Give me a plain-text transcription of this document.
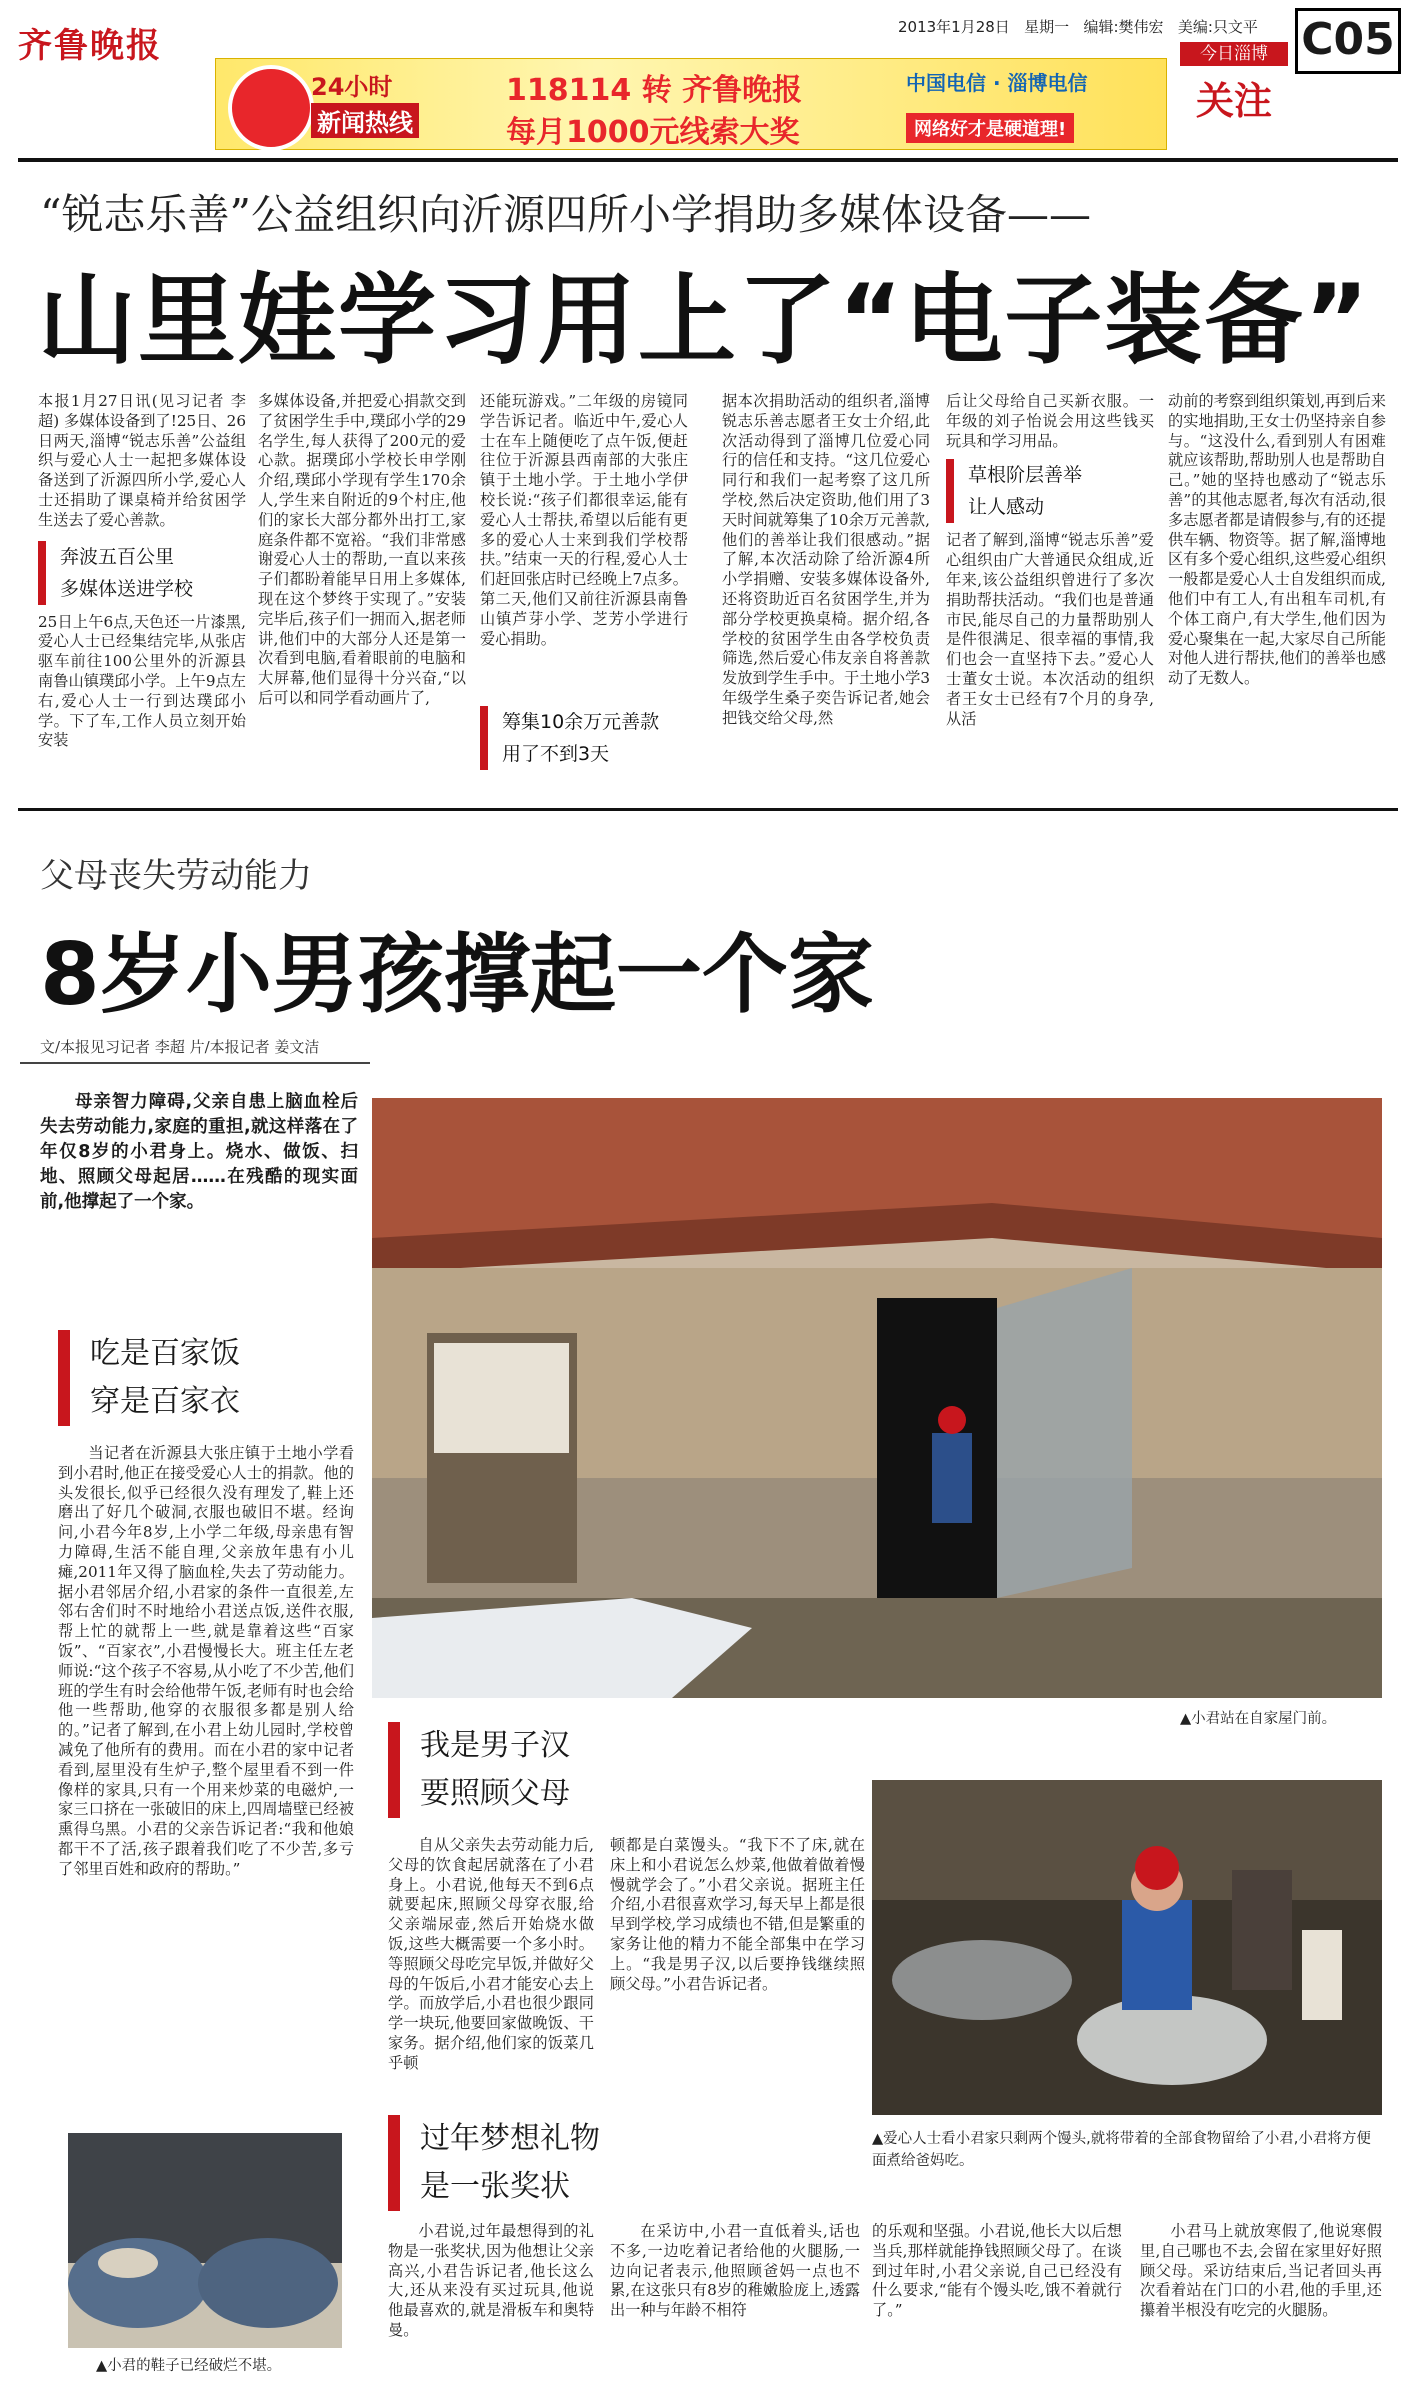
齐鲁晚报	2013年1月28日 星期一 编辑:樊伟宏 美编:只文平 C05
今日淄博
关注
24小时
新闻热线
118114 转 齐鲁晚报
每月1000元线索大奖
中国电信 · 淄博电信
网络好才是硬道理!
“锐志乐善”公益组织向沂源四所小学捐助多媒体设备——
山里娃学习用上了“电子装备”
本报1月27日讯(见习记者 李超) 多媒体设备到了!25日、26日两天,淄博“锐志乐善”公益组织与爱心人士一起把多媒体设备送到了沂源四所小学,爱心人士还捐助了课桌椅并给贫困学生送去了爱心善款。
奔波五百公里
多媒体送进学校
25日上午6点,天色还一片漆黑,爱心人士已经集结完毕,从张店驱车前往100公里外的沂源县南鲁山镇璞邱小学。上午9点左右,爱心人士一行到达璞邱小学。下了车,工作人员立刻开始安装
多媒体设备,并把爱心捐款交到了贫困学生手中,璞邱小学的29名学生,每人获得了200元的爱心款。据璞邱小学校长申学刚介绍,璞邱小学现有学生170余人,学生来自附近的9个村庄,他们的家长大部分都外出打工,家庭条件都不宽裕。“我们非常感谢爱心人士的帮助,一直以来孩子们都盼着能早日用上多媒体,现在这个梦终于实现了。”安装完毕后,孩子们一拥而入,据老师讲,他们中的大部分人还是第一次看到电脑,看着眼前的电脑和大屏幕,他们显得十分兴奋,“以后可以和同学看动画片了,
还能玩游戏。”二年级的房镜同学告诉记者。临近中午,爱心人士在车上随便吃了点午饭,便赶往位于沂源县西南部的大张庄镇于土地小学。于土地小学伊校长说:“孩子们都很幸运,能有爱心人士帮扶,希望以后能有更多的爱心人士来到我们学校帮扶。”结束一天的行程,爱心人士们赶回张店时已经晚上7点多。第二天,他们又前往沂源县南鲁山镇芦芽小学、芝芳小学进行爱心捐助。
筹集10余万元善款
用了不到3天
据本次捐助活动的组织者,淄博锐志乐善志愿者王女士介绍,此次活动得到了淄博几位爱心同行的信任和支持。“这几位爱心同行和我们一起考察了这几所学校,然后决定资助,他们用了3天时间就筹集了10余万元善款,他们的善举让我们很感动。”据了解,本次活动除了给沂源4所小学捐赠、安装多媒体设备外,还将资助近百名贫困学生,并为部分学校更换桌椅。据介绍,各学校的贫困学生由各学校负责筛选,然后爱心伟友亲自将善款发放到学生手中。于土地小学3年级学生桑子奕告诉记者,她会把钱交给父母,然
后让父母给自己买新衣服。一年级的刘子怡说会用这些钱买玩具和学习用品。
草根阶层善举
让人感动
记者了解到,淄博“锐志乐善”爱心组织由广大普通民众组成,近年来,该公益组织曾进行了多次捐助帮扶活动。“我们也是普通市民,能尽自己的力量帮助别人是件很满足、很幸福的事情,我们也会一直坚持下去。”爱心人士董女士说。本次活动的组织者王女士已经有7个月的身孕,从活
动前的考察到组织策划,再到后来的实地捐助,王女士仍坚持亲自参与。“这没什么,看到别人有困难就应该帮助,帮助别人也是帮助自己。”她的坚持也感动了“锐志乐善”的其他志愿者,每次有活动,很多志愿者都是请假参与,有的还提供车辆、物资等。据了解,淄博地区有多个爱心组织,这些爱心组织一般都是爱心人士自发组织而成,他们中有工人,有出租车司机,有个体工商户,有大学生,他们因为爱心聚集在一起,大家尽自己所能对他人进行帮扶,他们的善举也感动了无数人。
父母丧失劳动能力
8岁小男孩撑起一个家
文/本报见习记者 李超 片/本报记者 姜文洁
母亲智力障碍,父亲自患上脑血栓后失去劳动能力,家庭的重担,就这样落在了年仅8岁的小君身上。烧水、做饭、扫地、照顾父母起居……在残酷的现实面前,他撑起了一个家。
吃是百家饭
穿是百家衣
当记者在沂源县大张庄镇于土地小学看到小君时,他正在接受爱心人士的捐款。他的头发很长,似乎已经很久没有理发了,鞋上还磨出了好几个破洞,衣服也破旧不堪。经询问,小君今年8岁,上小学二年级,母亲患有智力障碍,生活不能自理,父亲放年患有小儿瘫,2011年又得了脑血栓,失去了劳动能力。据小君邻居介绍,小君家的条件一直很差,左邻右舍们时不时地给小君送点饭,送件衣服,帮上忙的就帮上一些,就是靠着这些“百家饭”、“百家衣”,小君慢慢长大。班主任左老师说:“这个孩子不容易,从小吃了不少苦,他们班的学生有时会给他带午饭,老师有时也会给他一些帮助,他穿的衣服很多都是别人给的。”记者了解到,在小君上幼儿园时,学校曾减免了他所有的费用。而在小君的家中记者看到,屋里没有生炉子,整个屋里看不到一件像样的家具,只有一个用来炒菜的电磁炉,一家三口挤在一张破旧的床上,四周墙壁已经被熏得乌黑。小君的父亲告诉记者:“我和他娘都干不了活,孩子跟着我们吃了不少苦,多亏了邻里百姓和政府的帮助。”
▲小君站在自家屋门前。
我是男子汉
要照顾父母
自从父亲失去劳动能力后,父母的饮食起居就落在了小君身上。小君说,他每天不到6点就要起床,照顾父母穿衣服,给父亲端尿壶,然后开始烧水做饭,这些大概需要一个多小时。等照顾父母吃完早饭,并做好父母的午饭后,小君才能安心去上学。而放学后,小君也很少跟同学一块玩,他要回家做晚饭、干家务。据介绍,他们家的饭菜几乎顿
顿都是白菜馒头。“我下不了床,就在床上和小君说怎么炒菜,他做着做着慢慢就学会了。”小君父亲说。据班主任介绍,小君很喜欢学习,每天早上都是很早到学校,学习成绩也不错,但是繁重的家务让他的精力不能全部集中在学习上。“我是男子汉,以后要挣钱继续照顾父母。”小君告诉记者。
▲爱心人士看小君家只剩两个馒头,就将带着的全部食物留给了小君,小君将方便面煮给爸妈吃。
▲小君的鞋子已经破烂不堪。
过年梦想礼物
是一张奖状
小君说,过年最想得到的礼物是一张奖状,因为他想让父亲高兴,小君告诉记者,他长这么大,还从来没有买过玩具,他说他最喜欢的,就是滑板车和奥特曼。
在采访中,小君一直低着头,话也不多,一边吃着记者给他的火腿肠,一边向记者表示,他照顾爸妈一点也不累,在这张只有8岁的稚嫩脸庞上,透露出一种与年龄不相符
的乐观和坚强。小君说,他长大以后想当兵,那样就能挣钱照顾父母了。在谈到过年时,小君父亲说,自己已经没有什么要求,“能有个馒头吃,饿不着就行了。”
小君马上就放寒假了,他说寒假里,自己哪也不去,会留在家里好好照顾父母。采访结束后,当记者回头再次看着站在门口的小君,他的手里,还攥着半根没有吃完的火腿肠。
